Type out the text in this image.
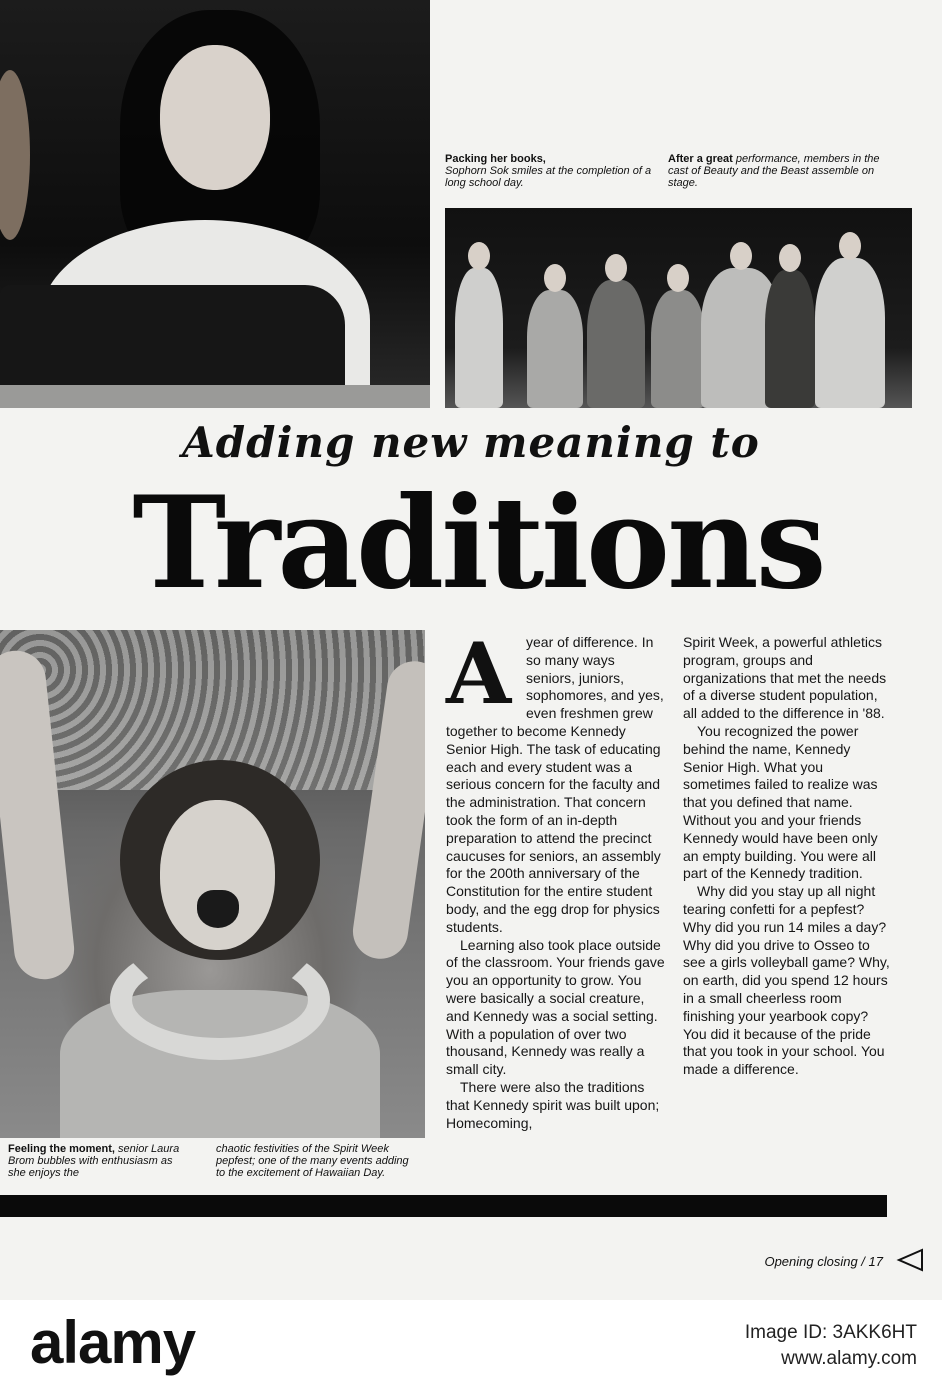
Packing her books,
Sophorn Sok smiles at the completion of a long school day.
After a great performance, members in the cast of Beauty and the Beast assemble on stage.
Adding new meaning to
Traditions
Feeling the moment, senior Laura Brom bubbles with enthusiasm as she enjoys the
chaotic festivities of the Spirit Week pepfest; one of the many events adding to the excitement of Hawaiian Day.

A	year of difference. In so many ways seniors, juniors, sophomores, and yes, even freshmen grew together to become Kennedy Senior High. The task of educating each and every student was a serious concern for the faculty and the administration. That concern took the form of an in-depth preparation to attend the precinct caucuses for seniors, an assembly for the 200th anniversary of the Constitution for the entire student body, and the egg drop for physics students.

Learning also took place outside of the classroom. Your friends gave you an opportunity to grow. You were basically a social creature, and Kennedy was a social setting. With a population of over two thousand, Kennedy was really a small city.

There were also the traditions that Kennedy spirit was built upon; Homecoming,

Spirit Week, a powerful athletics program, groups and organizations that met the needs of a diverse student population, all added to the difference in '88.

You recognized the power behind the name, Kennedy Senior High. What you sometimes failed to realize was that you defined that name. Without you and your friends Kennedy would have been only an empty building. You were all part of the Kennedy tradition.

Why did you stay up all night tearing confetti for a pepfest? Why did you run 14 miles a day? Why did you drive to Osseo to see a girls volleyball game? Why, on earth, did you spend 12 hours in a small cheerless room finishing your yearbook copy? You did it because of the pride that you took in your school. You made a difference.

Opening closing / 17
alamy	Image ID: 3AKK6HT
www.alamy.com
